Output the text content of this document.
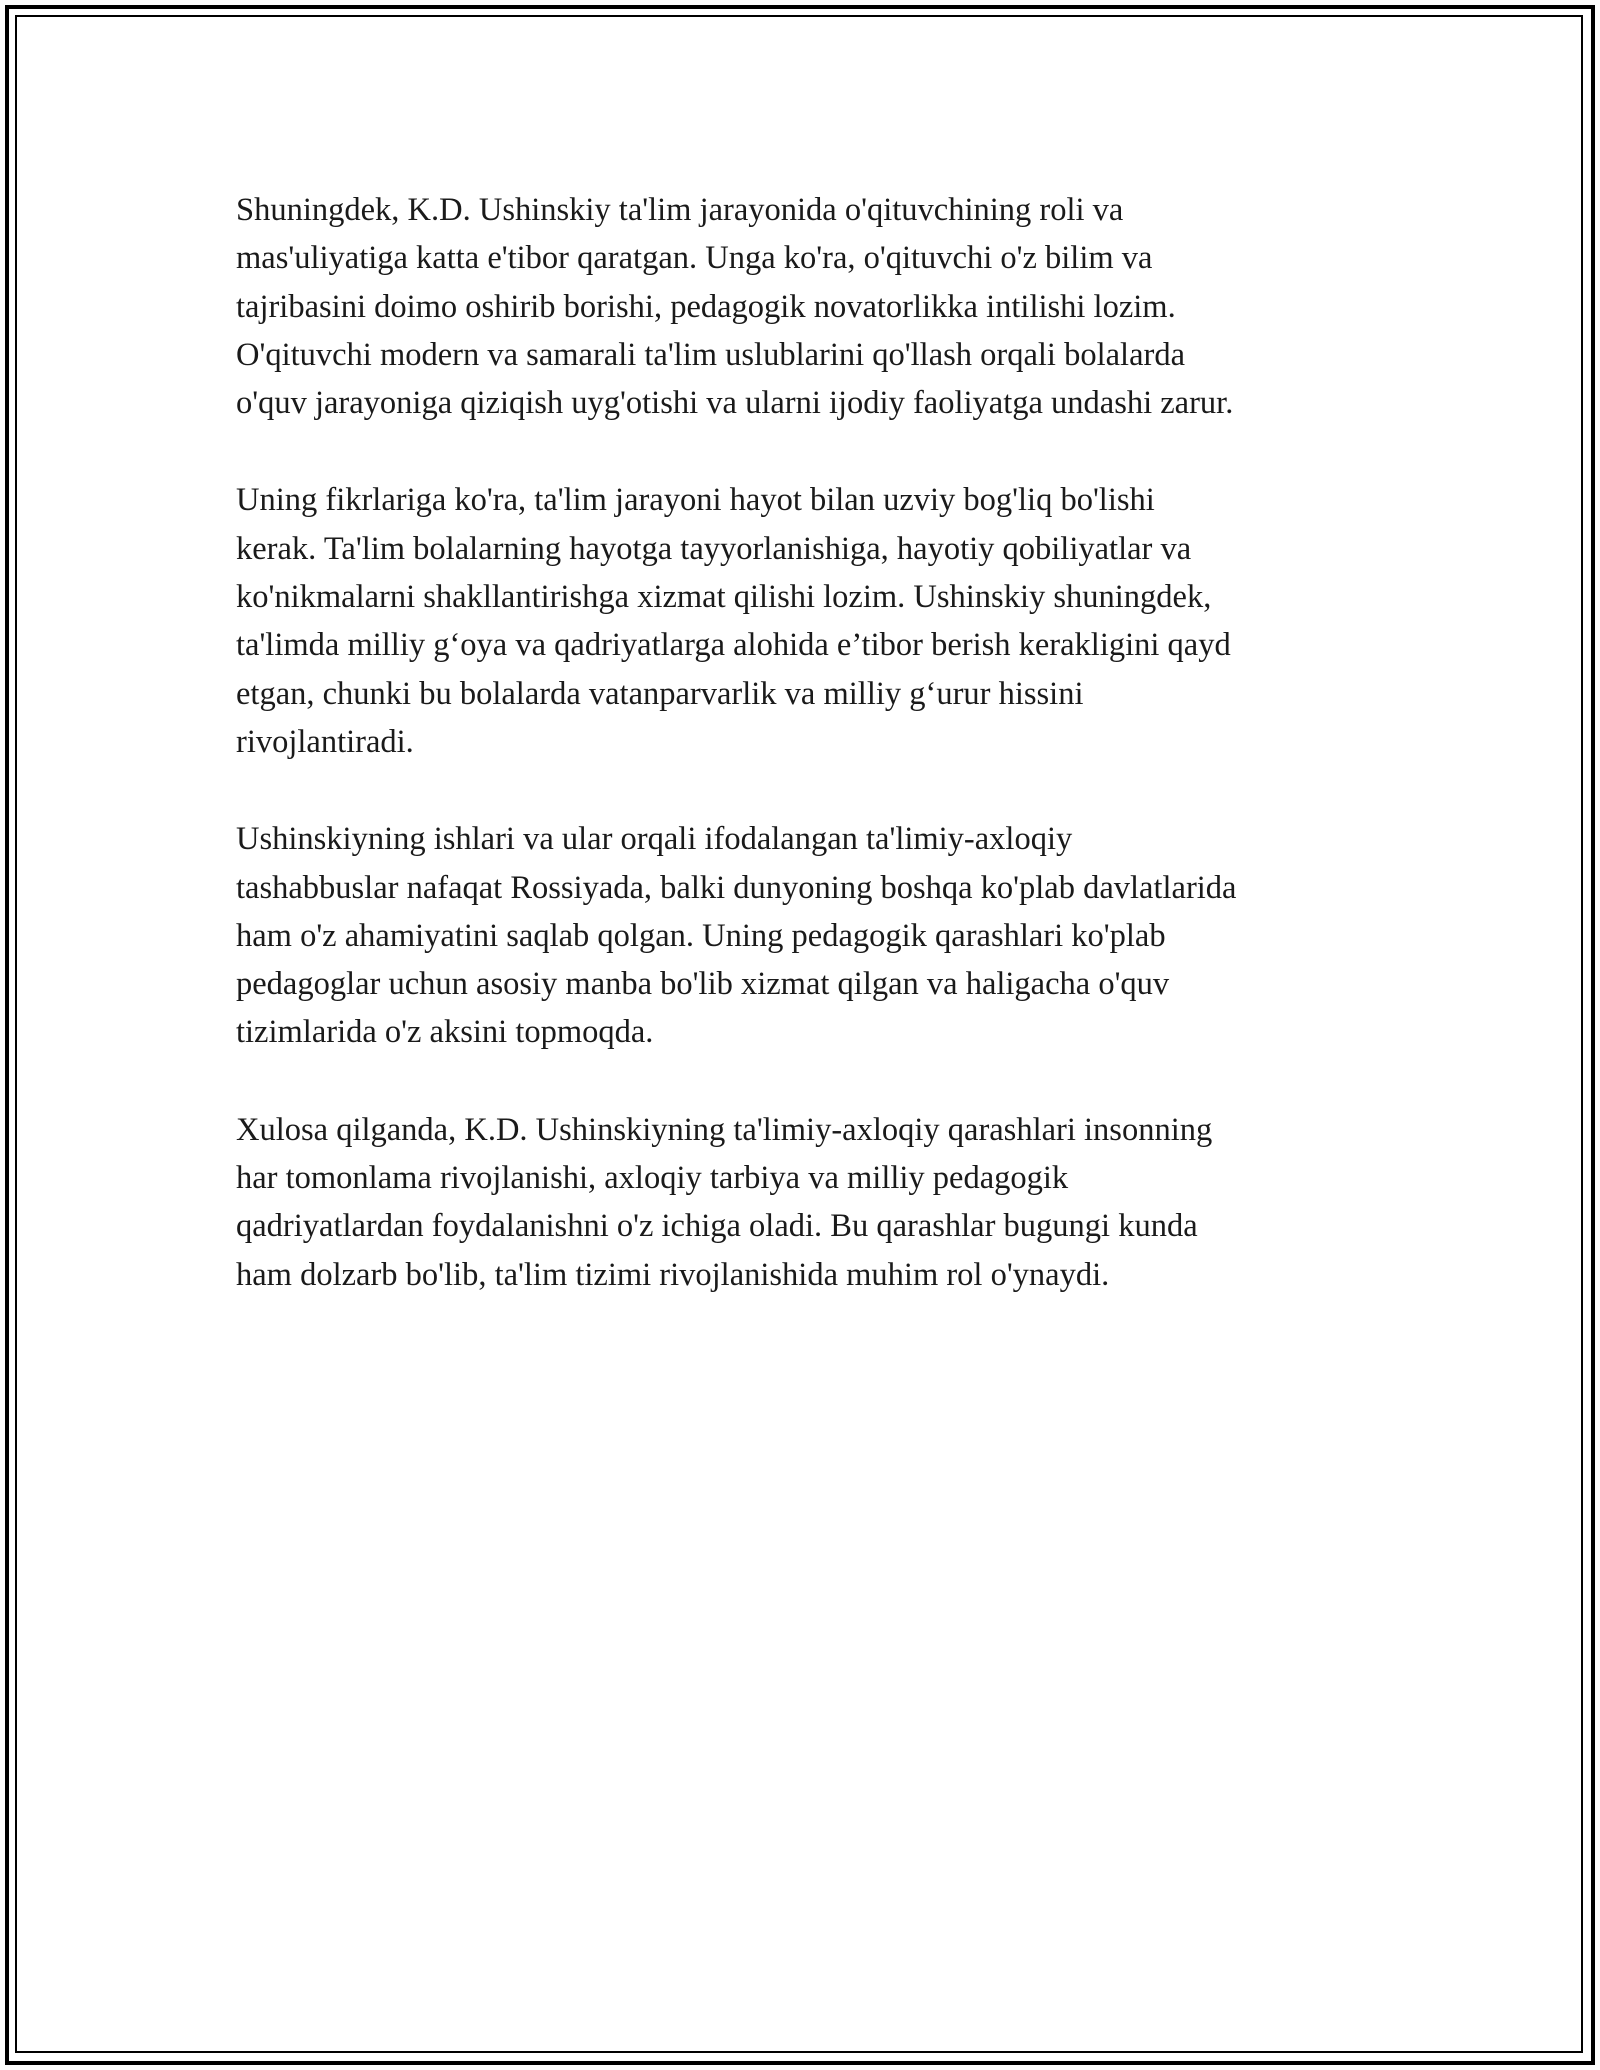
Shuningdek, K.D. Ushinskiy ta'lim jarayonida o'qituvchining roli va
mas'uliyatiga katta e'tibor qaratgan. Unga ko'ra, o'qituvchi o'z bilim va
tajribasini doimo oshirib borishi, pedagogik novatorlikka intilishi lozim.
O'qituvchi modern va samarali ta'lim uslublarini qo'llash orqali bolalarda
o'quv jarayoniga qiziqish uyg'otishi va ularni ijodiy faoliyatga undashi zarur.

Uning fikrlariga ko'ra, ta'lim jarayoni hayot bilan uzviy bog'liq bo'lishi
kerak. Ta'lim bolalarning hayotga tayyorlanishiga, hayotiy qobiliyatlar va
ko'nikmalarni shakllantirishga xizmat qilishi lozim. Ushinskiy shuningdek,
ta'limda milliy g‘oya va qadriyatlarga alohida e’tibor berish kerakligini qayd
etgan, chunki bu bolalarda vatanparvarlik va milliy g‘urur hissini
rivojlantiradi.

Ushinskiyning ishlari va ular orqali ifodalangan ta'limiy-axloqiy
tashabbuslar nafaqat Rossiyada, balki dunyoning boshqa ko'plab davlatlarida
ham o'z ahamiyatini saqlab qolgan. Uning pedagogik qarashlari ko'plab
pedagoglar uchun asosiy manba bo'lib xizmat qilgan va haligacha o'quv
tizimlarida o'z aksini topmoqda.

Xulosa qilganda, K.D. Ushinskiyning ta'limiy-axloqiy qarashlari insonning
har tomonlama rivojlanishi, axloqiy tarbiya va milliy pedagogik
qadriyatlardan foydalanishni o'z ichiga oladi. Bu qarashlar bugungi kunda
ham dolzarb bo'lib, ta'lim tizimi rivojlanishida muhim rol o'ynaydi.
